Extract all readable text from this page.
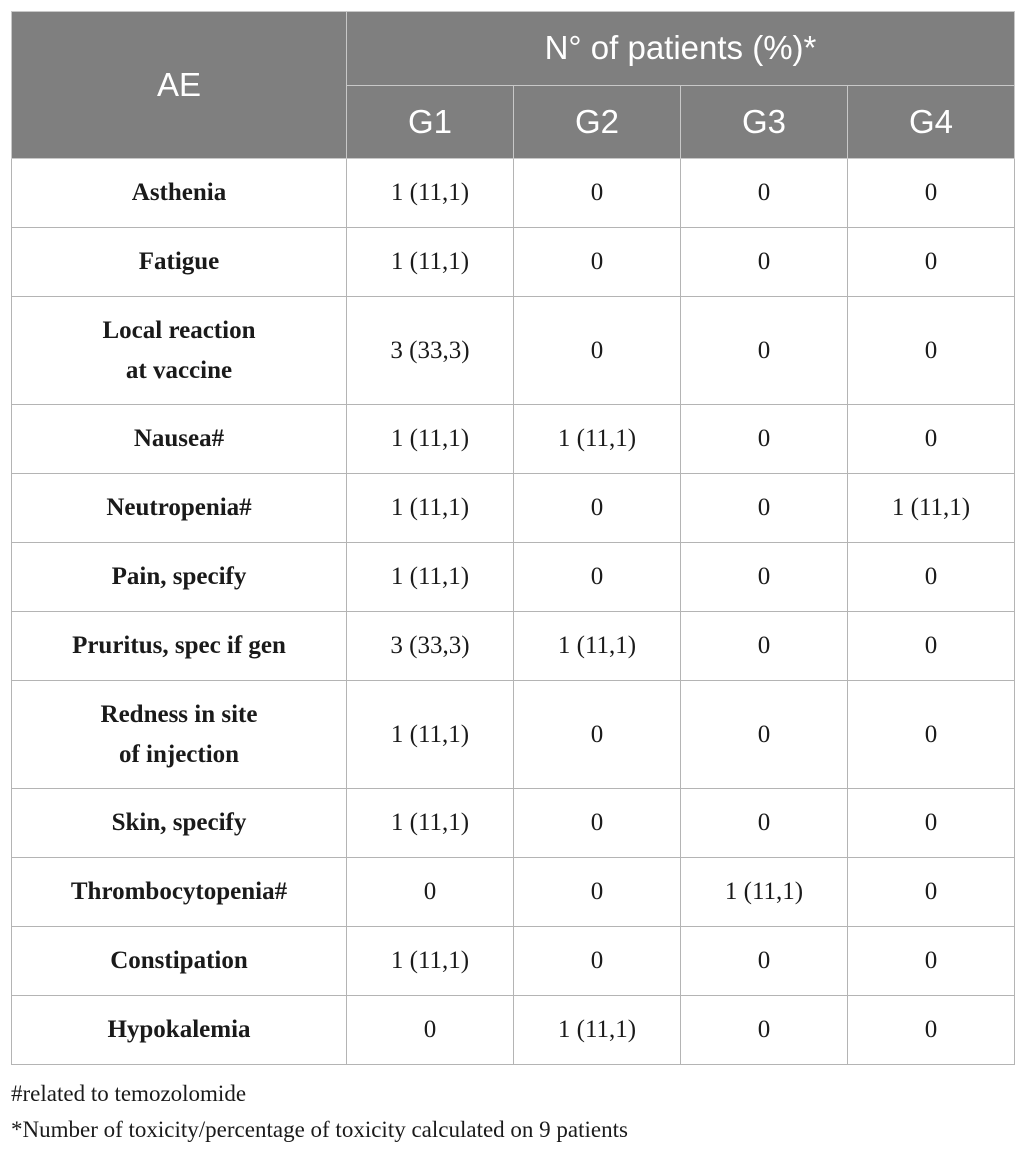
AE	N° of patients (%)*			
	G1	G2	G3	G4

Asthenia	1 (11,1)	0	0	0

Fatigue	1 (11,1)	0	0	0

Local reaction
at vaccine	3 (33,3)	0	0	0

Nausea#	1 (11,1)	1 (11,1)	0	0

Neutropenia#	1 (11,1)	0	0	1 (11,1)

Pain, specify	1 (11,1)	0	0	0

Pruritus, spec if gen	3 (33,3)	1 (11,1)	0	0

Redness in site
of injection	1 (11,1)	0	0	0

Skin, specify	1 (11,1)	0	0	0

Thrombocytopenia#	0	0	1 (11,1)	0

Constipation	1 (11,1)	0	0	0

Hypokalemia	0	1 (11,1)	0	0
#related to temozolomide
*Number of toxicity/percentage of toxicity calculated on 9 patients
